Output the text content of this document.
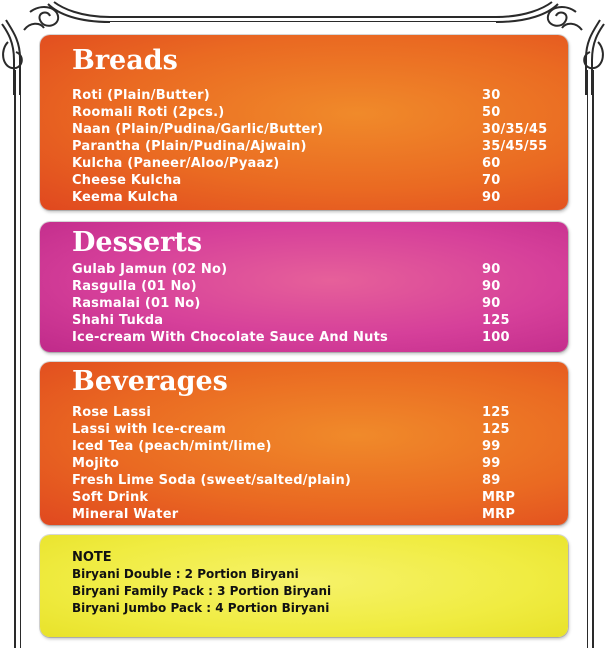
Breads
Roti (Plain/Butter)	30
Roomali Roti (2pcs.)	50
Naan (Plain/Pudina/Garlic/Butter)	30/35/45
Parantha (Plain/Pudina/Ajwain)	35/45/55
Kulcha (Paneer/Aloo/Pyaaz)	60
Cheese Kulcha	70
Keema Kulcha	90
Desserts
Gulab Jamun (02 No)	90
Rasgulla (01 No)	90
Rasmalai (01 No)	90
Shahi Tukda	125
Ice-cream With Chocolate Sauce And Nuts	100
Beverages
Rose Lassi	125
Lassi with Ice-cream	125
Iced Tea (peach/mint/lime)	99
Mojito	99
Fresh Lime Soda (sweet/salted/plain)	89
Soft Drink	MRP
Mineral Water	MRP
NOTE
Biryani Double : 2 Portion Biryani
Biryani Family Pack : 3 Portion Biryani
Biryani Jumbo Pack : 4 Portion Biryani
